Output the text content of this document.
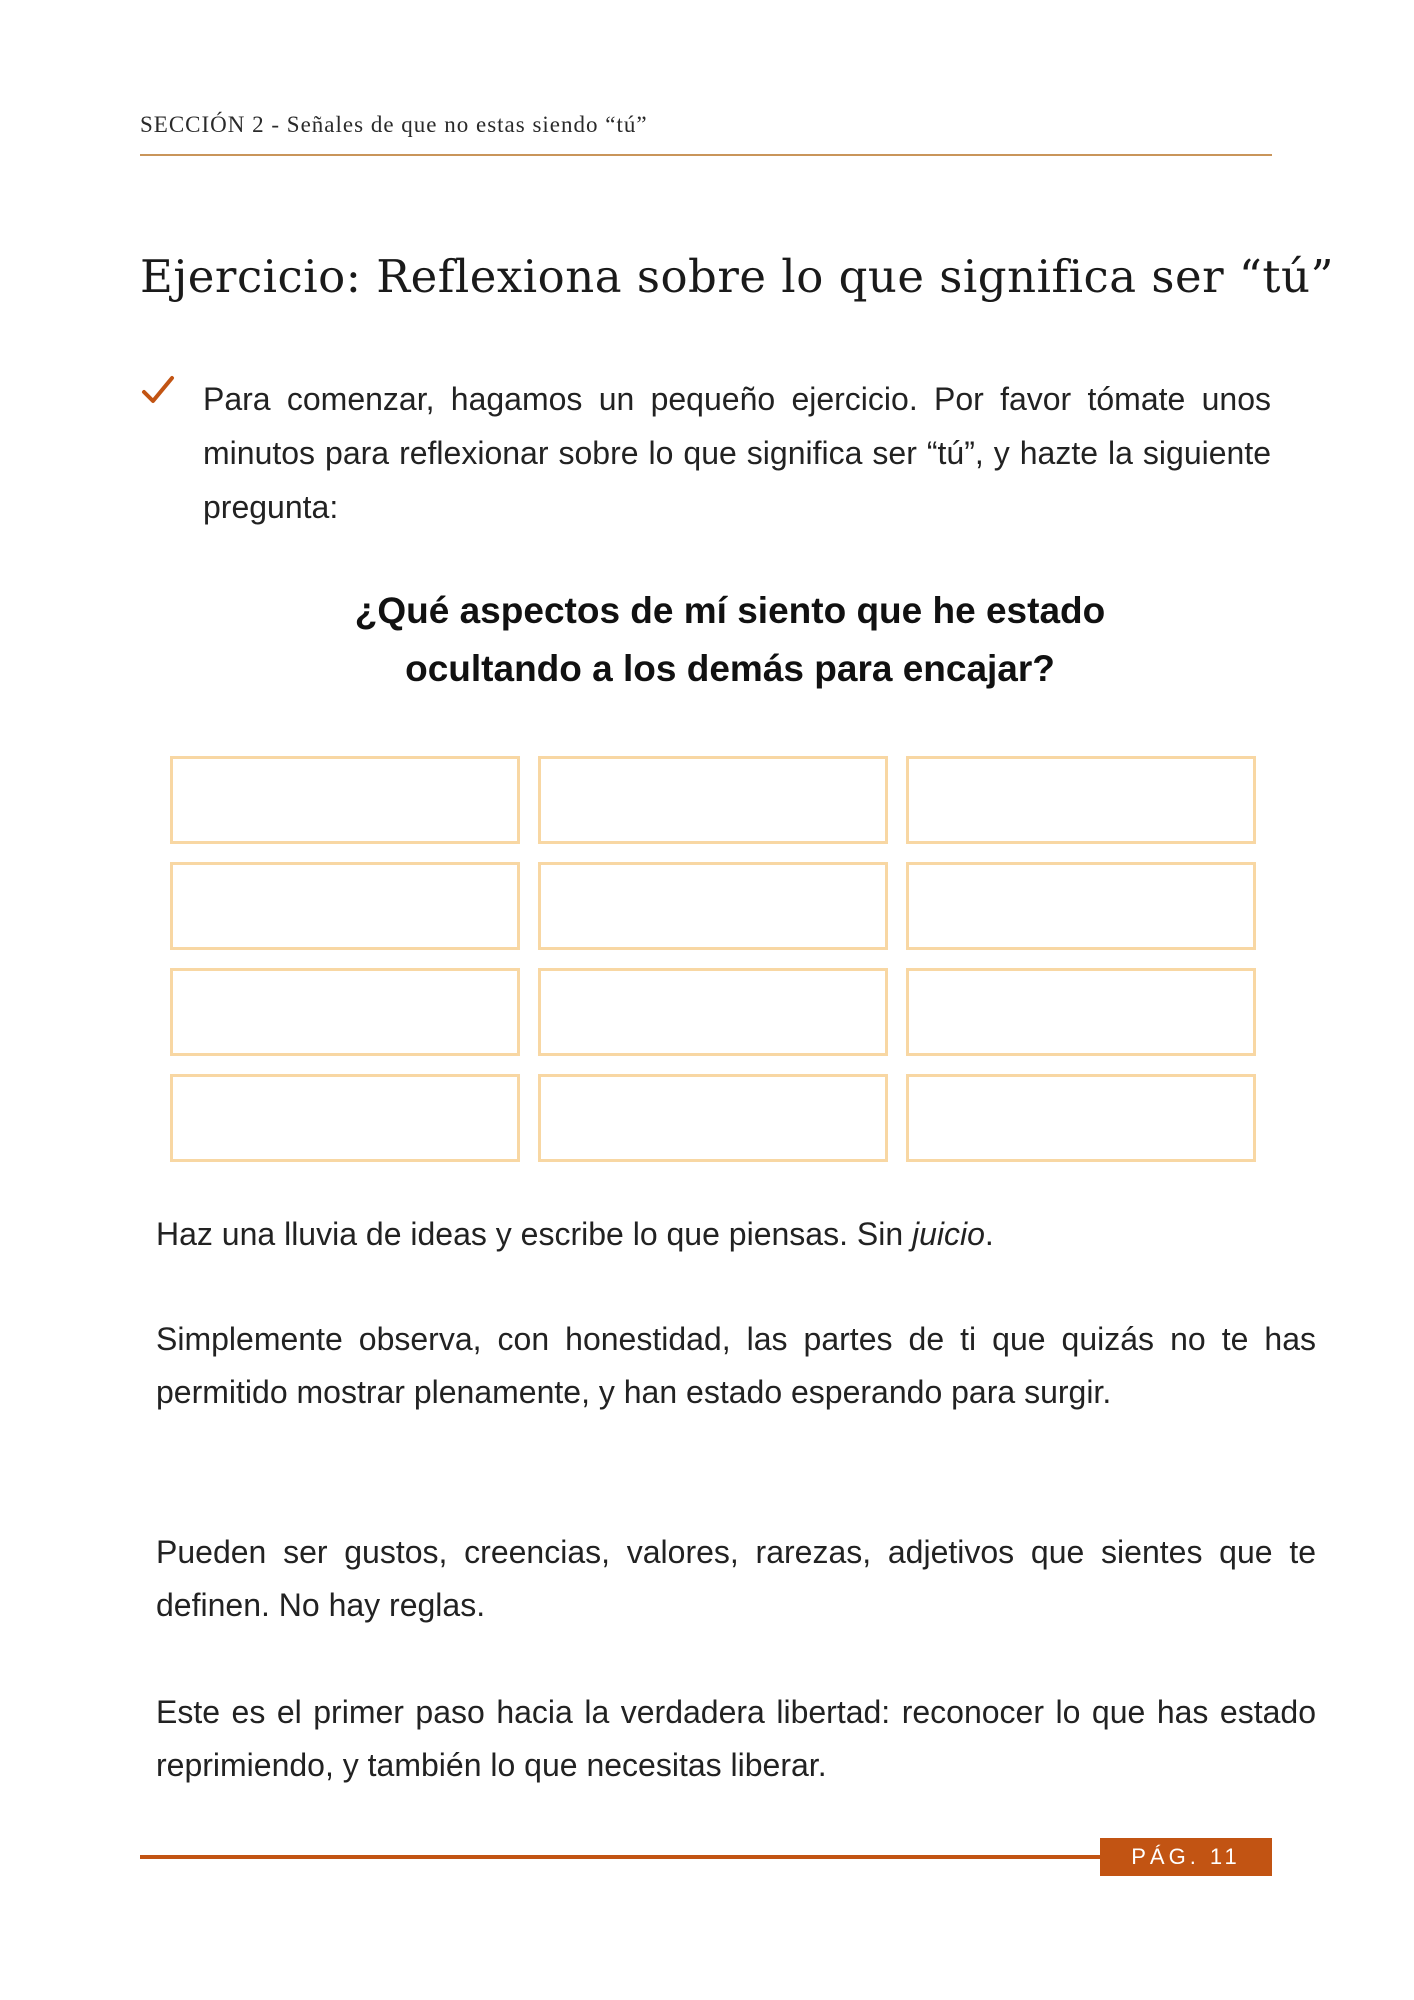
SECCIÓN 2 - Señales de que no estas siendo “tú”
Ejercicio: Reflexiona sobre lo que significa ser “tú”

Para comenzar, hagamos un pequeño ejercicio. Por favor tómate unos minutos para reflexionar sobre lo que significa ser “tú”, y hazte la siguiente pregunta:

¿Qué aspectos de mí siento que he estado

ocultando a los demás para encajar?

Haz una lluvia de ideas y escribe lo que piensas. Sin juicio.

Simplemente observa, con honestidad, las partes de ti que quizás no te has permitido mostrar plenamente, y han estado esperando para surgir.

Pueden ser gustos, creencias, valores, rarezas, adjetivos que sientes que te definen. No hay reglas.

Este es el primer paso hacia la verdadera libertad: reconocer lo que has estado reprimiendo, y también lo que necesitas liberar.

PÁG. 11
